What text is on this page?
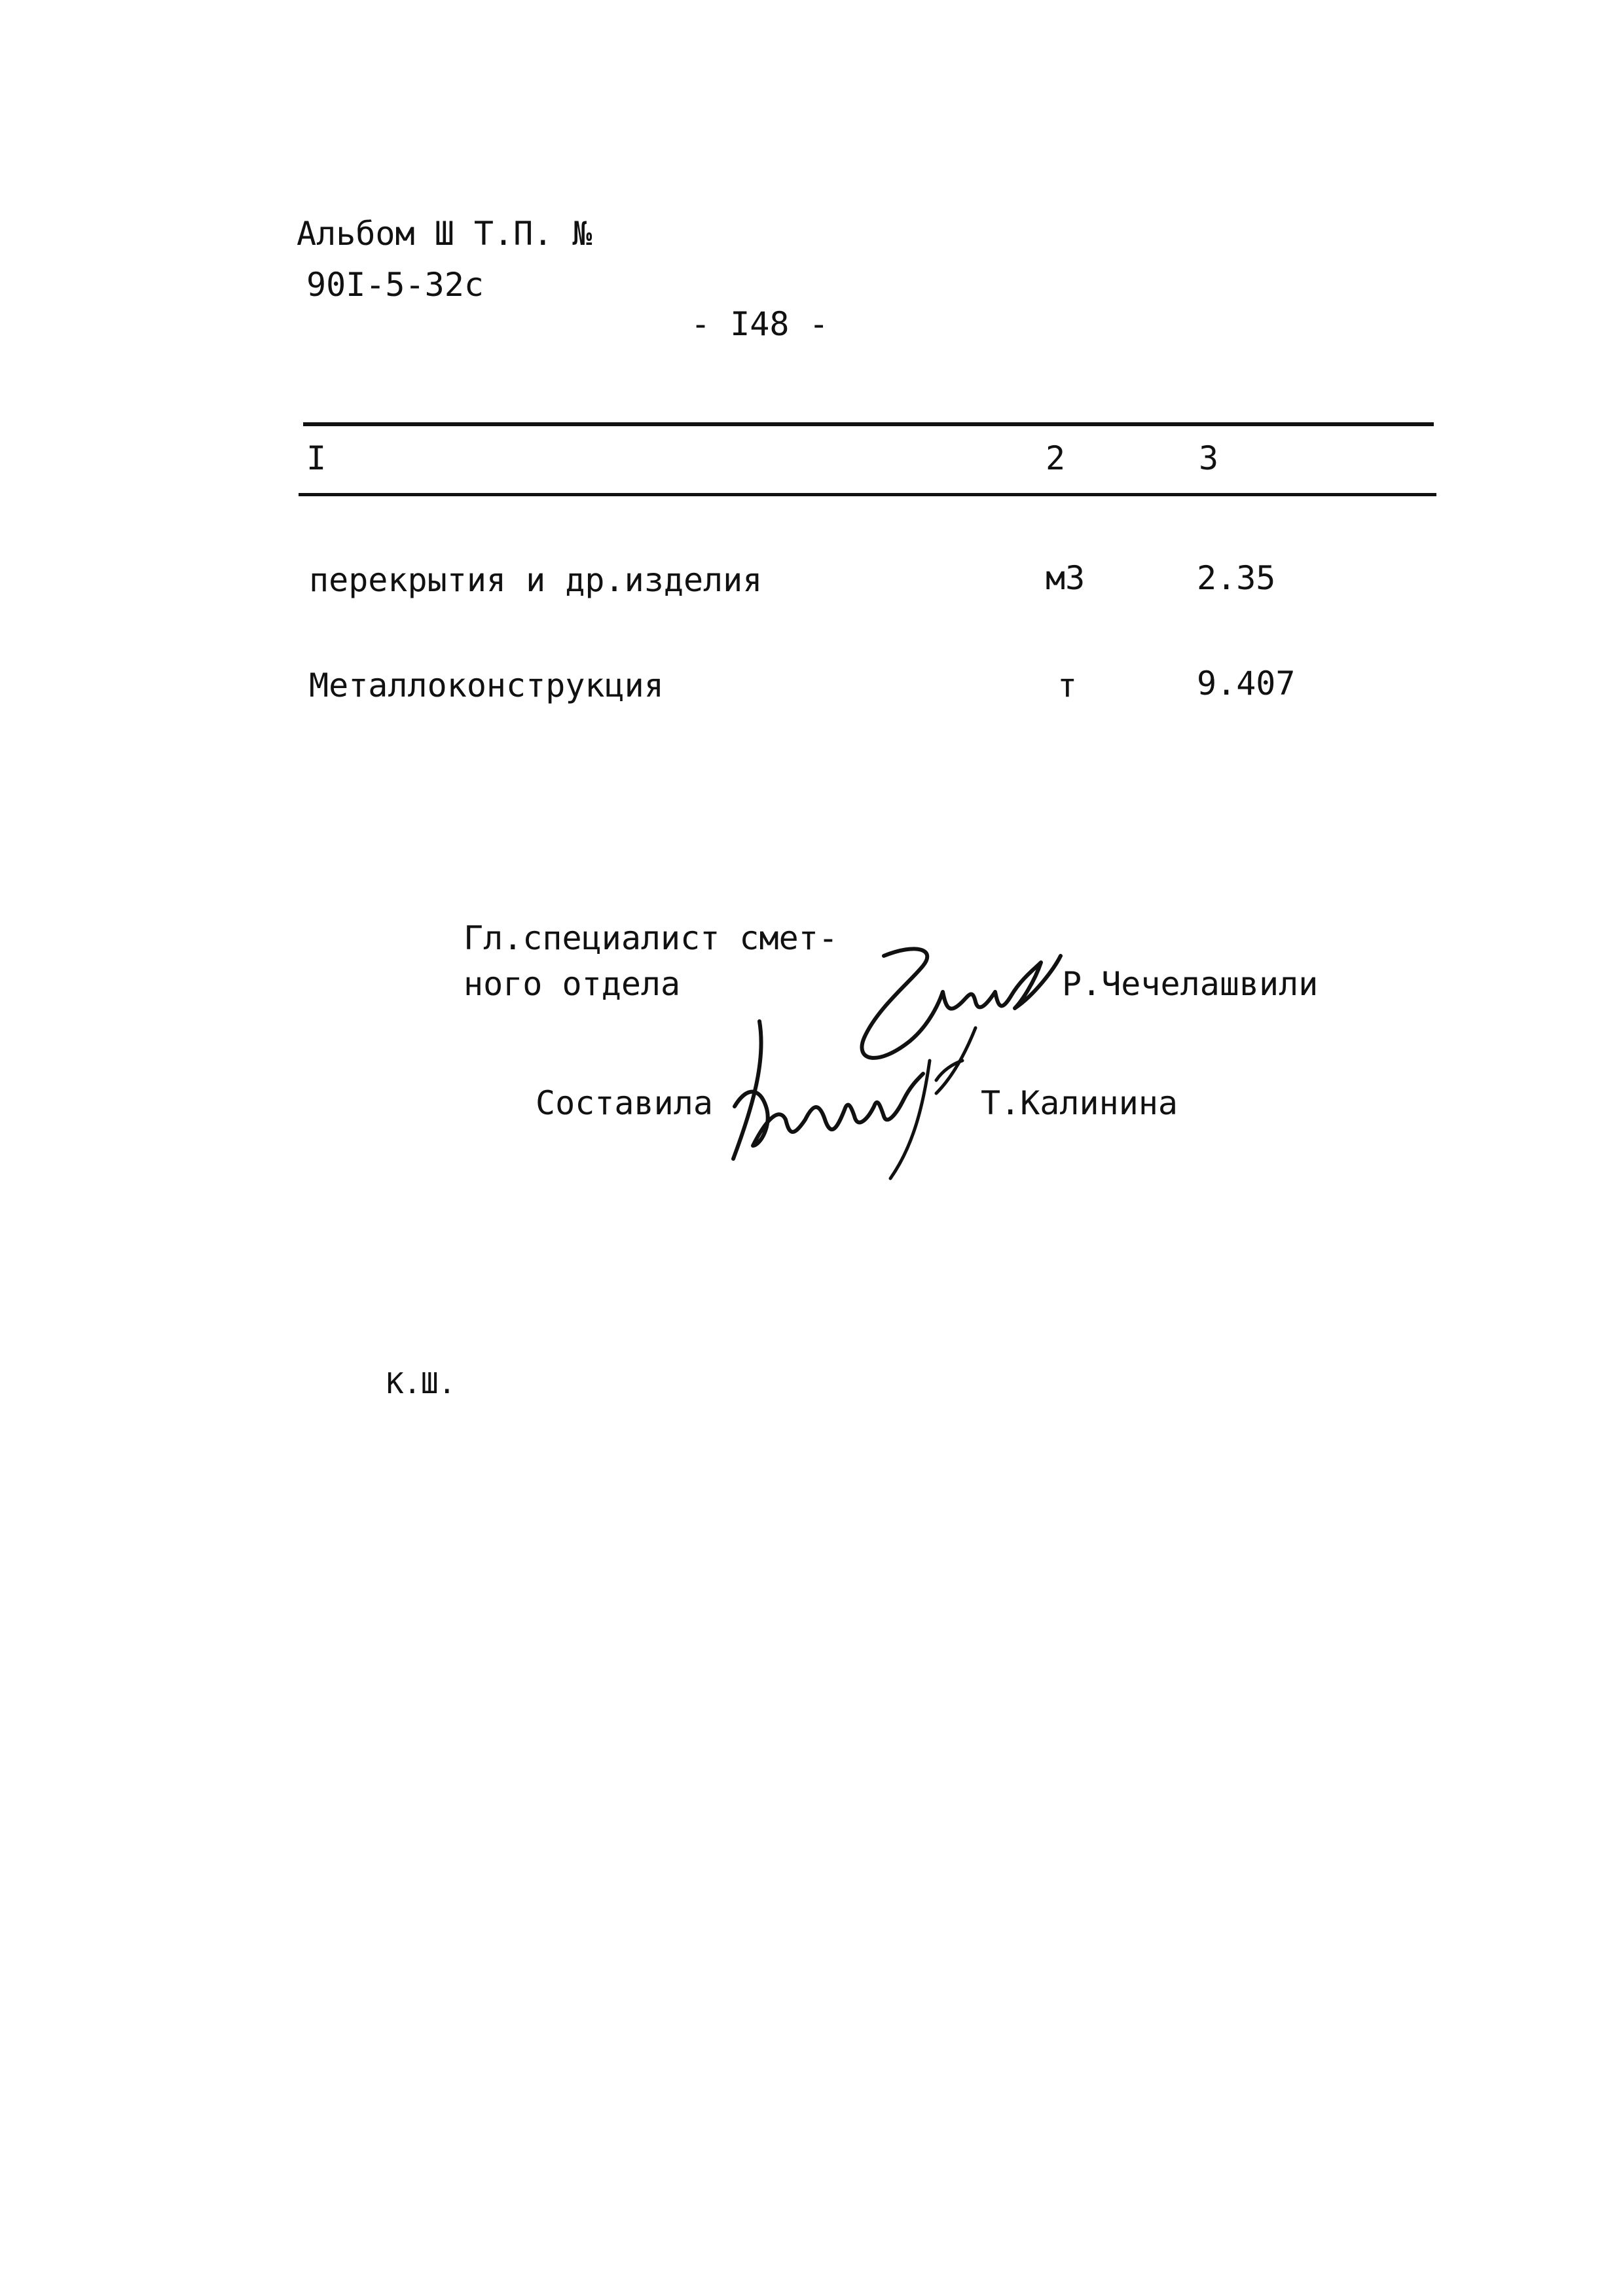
Альбом Ш Т.П. №
90I-5-32с
- I48 -
I	2	3
перекрытия и др.изделия	м3	2.35
Металлоконструкция	т	9.407
Гл.специалист смет-
ного отдела	Р.Чечелашвили
Составила	Т.Калинина
К.Ш.
